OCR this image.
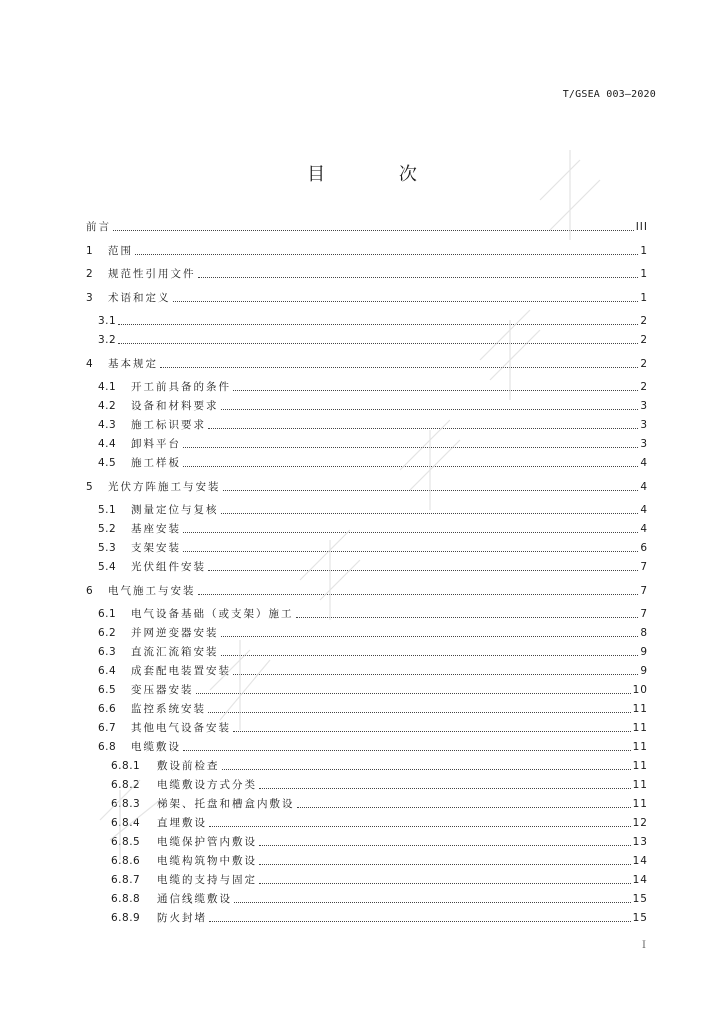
T/GSEA 003—2020
目 次
前言	III
1	范围	1
2	规范性引用文件	1
3	术语和定义	1
3.1	2
3.2	2
4	基本规定	2
4.1	开工前具备的条件	2
4.2	设备和材料要求	3
4.3	施工标识要求	3
4.4	卸料平台	3
4.5	施工样板	4
5	光伏方阵施工与安装	4
5.1	测量定位与复核	4
5.2	基座安装	4
5.3	支架安装	6
5.4	光伏组件安装	7
6	电气施工与安装	7
6.1	电气设备基础（或支架）施工	7
6.2	并网逆变器安装	8
6.3	直流汇流箱安装	9
6.4	成套配电装置安装	9
6.5	变压器安装	10
6.6	监控系统安装	11
6.7	其他电气设备安装	11
6.8	电缆敷设	11
6.8.1	敷设前检查	11
6.8.2	电缆敷设方式分类	11
6.8.3	梯架、托盘和槽盒内敷设	11
6.8.4	直埋敷设	12
6.8.5	电缆保护管内敷设	13
6.8.6	电缆构筑物中敷设	14
6.8.7	电缆的支持与固定	14
6.8.8	通信线缆敷设	15
6.8.9	防火封堵	15
I
